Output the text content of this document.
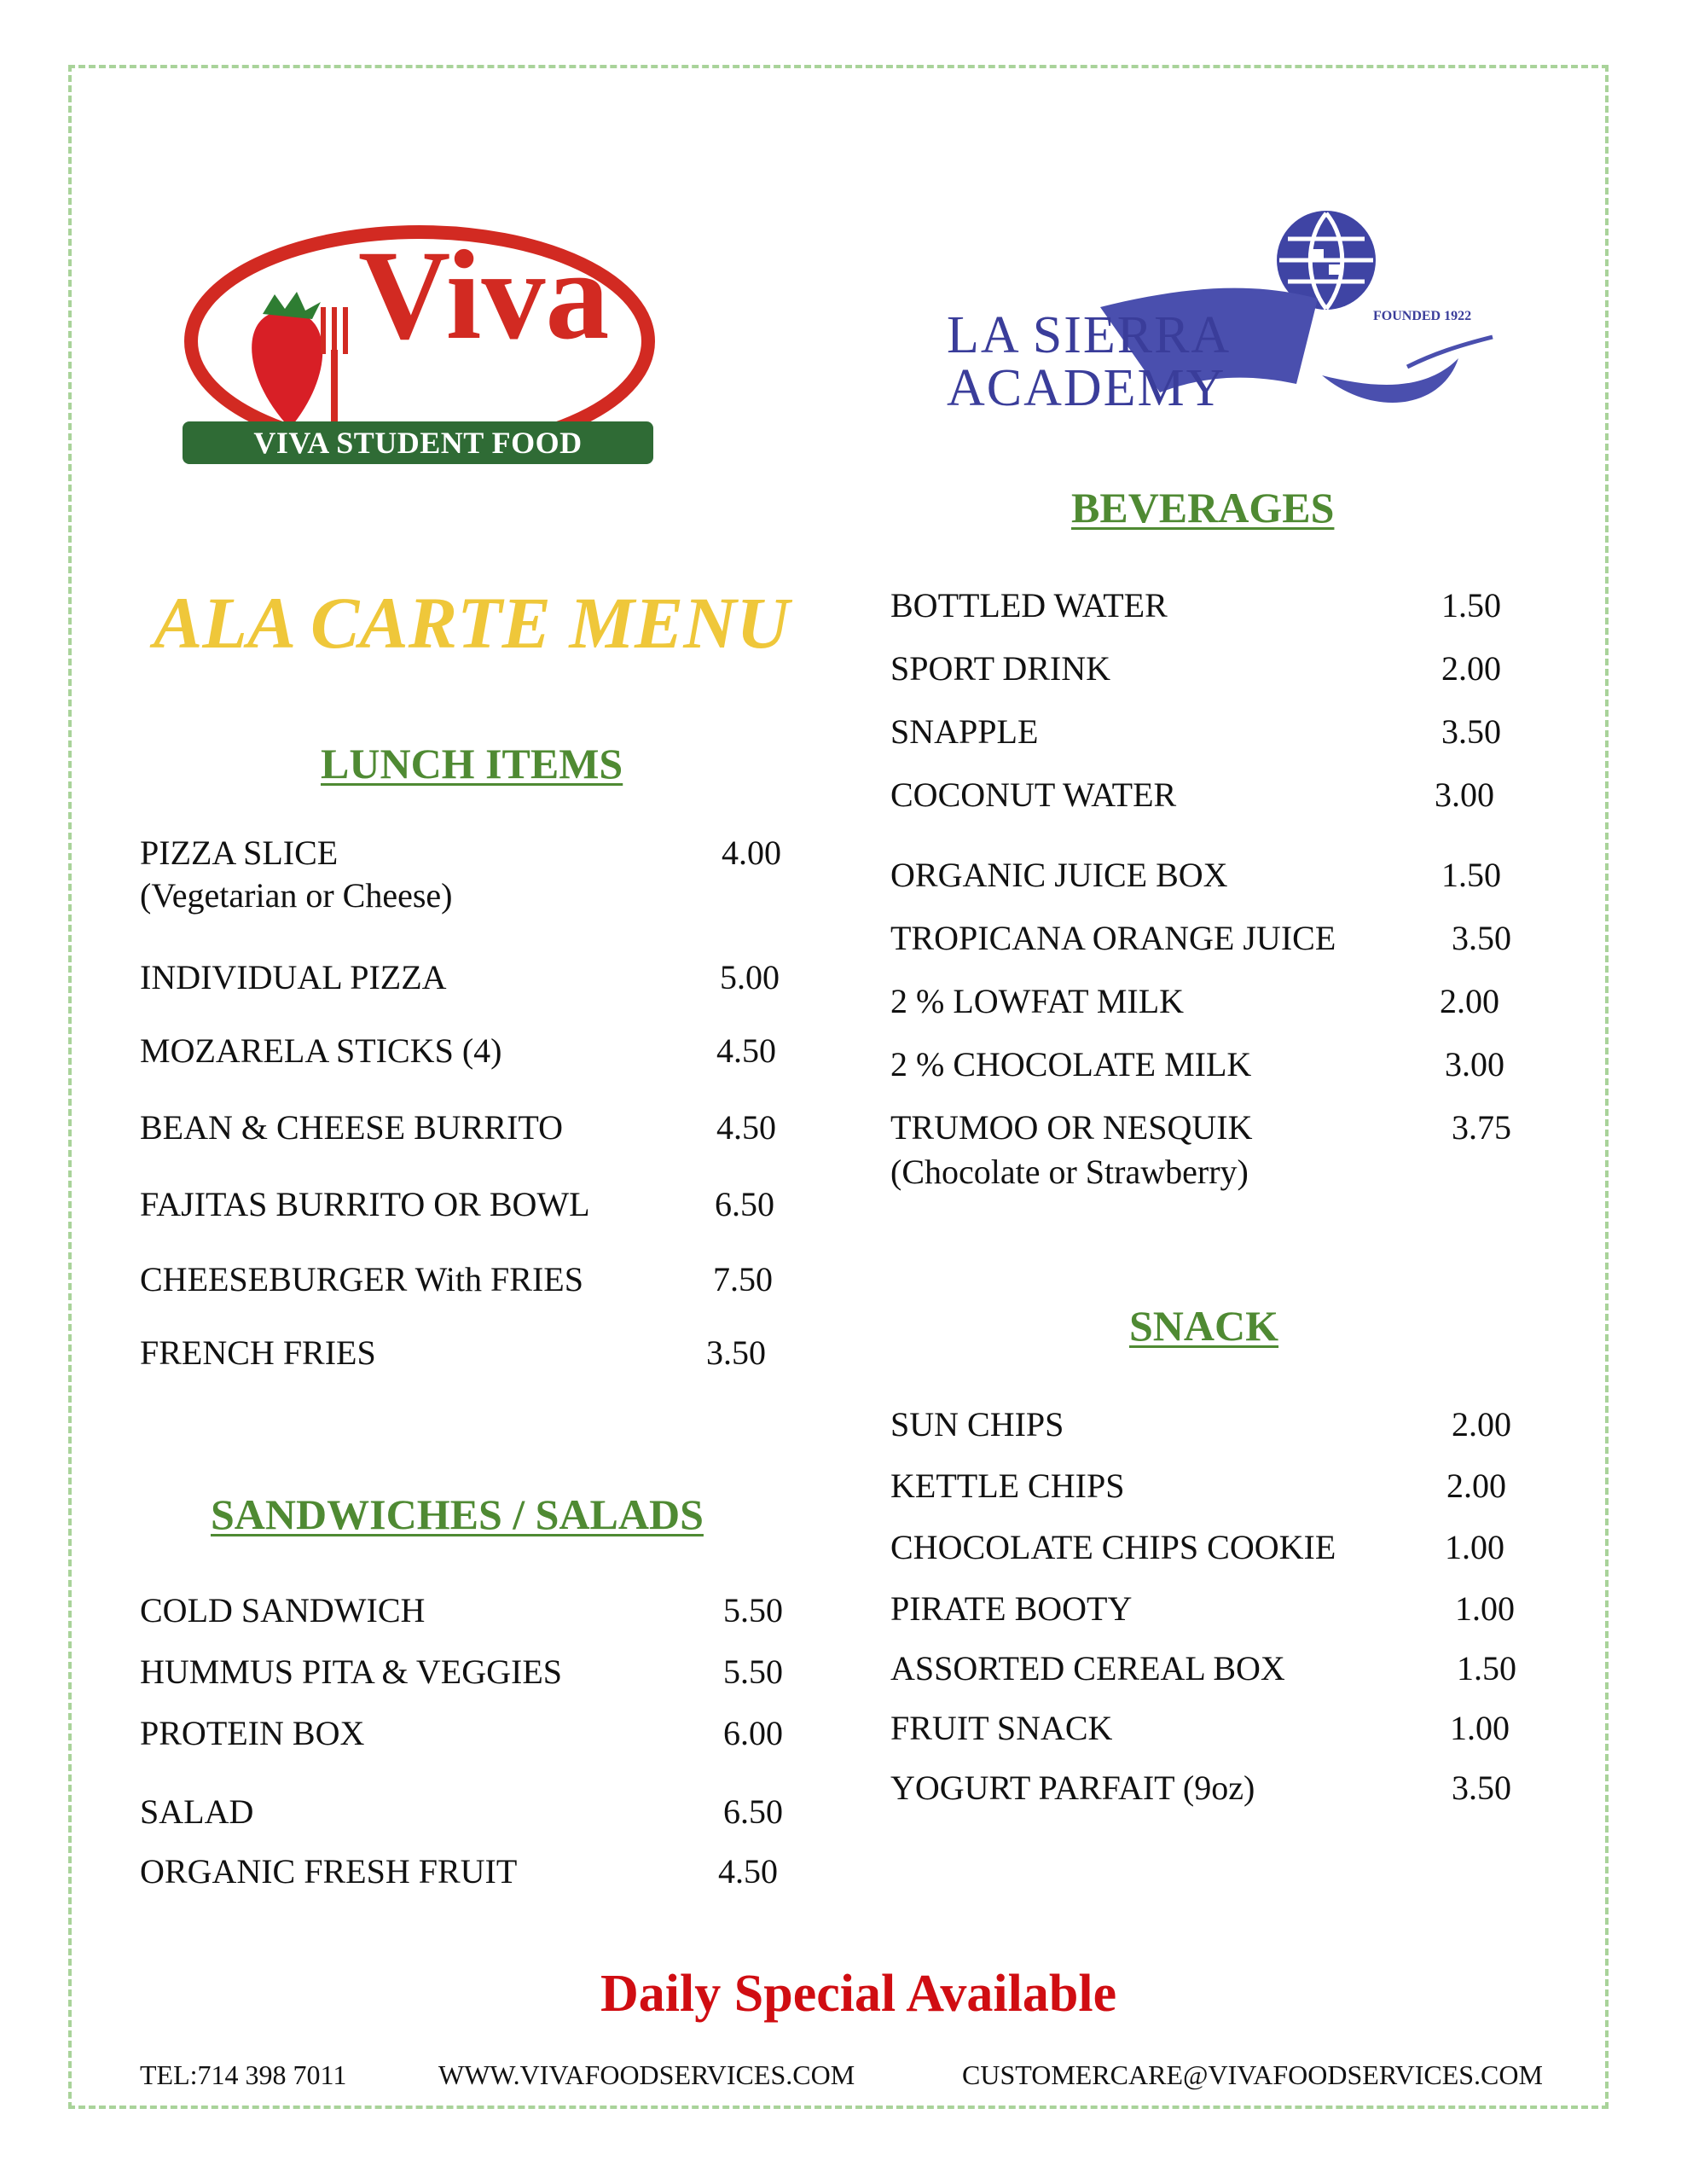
Viva
VIVA STUDENT FOOD SERVICE
LA SIERRA
ACADEMY
FOUNDED 1922
ALA CARTE MENU
LUNCH ITEMS
SANDWICHES / SALADS
BEVERAGES
SNACK
PIZZA SLICE
(Vegetarian or Cheese)
4.00
INDIVIDUAL PIZZA	5.00
MOZARELA STICKS (4)	4.50
BEAN & CHEESE BURRITO	4.50
FAJITAS BURRITO OR BOWL	6.50
CHEESEBURGER With FRIES	7.50
FRENCH FRIES	3.50
COLD SANDWICH	5.50
HUMMUS PITA & VEGGIES	5.50
PROTEIN BOX	6.00
SALAD	6.50
ORGANIC FRESH FRUIT	4.50
BOTTLED WATER	1.50
SPORT DRINK	2.00
SNAPPLE	3.50
COCONUT WATER	3.00
ORGANIC JUICE BOX	1.50
TROPICANA ORANGE JUICE	3.50
2 % LOWFAT MILK	2.00
2 % CHOCOLATE MILK	3.00
TRUMOO OR NESQUIK
(Chocolate or Strawberry)
3.75
SUN CHIPS	2.00
KETTLE CHIPS	2.00
CHOCOLATE CHIPS COOKIE	1.00
PIRATE BOOTY	1.00
ASSORTED CEREAL BOX	1.50
FRUIT SNACK	1.00
YOGURT PARFAIT (9oz)	3.50
Daily Special Available
TEL:714 398 7011	WWW.VIVAFOODSERVICES.COM	CUSTOMERCARE@VIVAFOODSERVICES.COM
